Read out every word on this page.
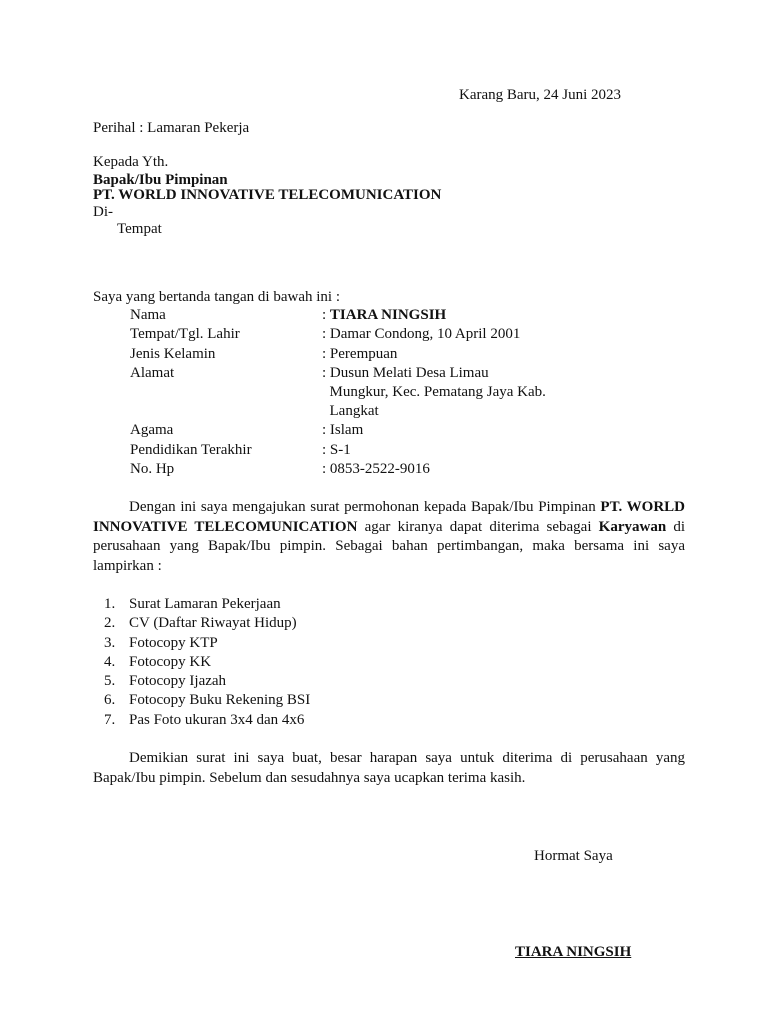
Karang Baru, 24 Juni 2023
Perihal : Lamaran Pekerja
Kepada Yth.
Bapak/Ibu Pimpinan
PT. WORLD INNOVATIVE TELECOMUNICATION
Di-
Tempat
Saya yang bertanda tangan di bawah ini :
Nama	: TIARA NINGSIH
Tempat/Tgl. Lahir	: Damar Condong, 10 April 2001
Jenis Kelamin	: Perempuan
Alamat	: Dusun Melati Desa Limau
Mungkur, Kec. Pematang Jaya Kab.
Langkat
Agama	: Islam
Pendidikan Terakhir	: S-1
No. Hp	: 0853-2522-9016
Dengan ini saya mengajukan surat permohonan kepada Bapak/Ibu Pimpinan PT. WORLD INNOVATIVE TELECOMUNICATION agar kiranya dapat diterima sebagai Karyawan di perusahaan yang Bapak/Ibu pimpin. Sebagai bahan pertimbangan, maka bersama ini saya lampirkan :
1. Surat Lamaran Pekerjaan
2. CV (Daftar Riwayat Hidup)
3. Fotocopy KTP
4. Fotocopy KK
5. Fotocopy Ijazah
6. Fotocopy Buku Rekening BSI
7. Pas Foto ukuran 3x4 dan 4x6
Demikian surat ini saya buat, besar harapan saya untuk diterima di perusahaan yang Bapak/Ibu pimpin. Sebelum dan sesudahnya saya ucapkan terima kasih.
Hormat Saya
TIARA NINGSIH
